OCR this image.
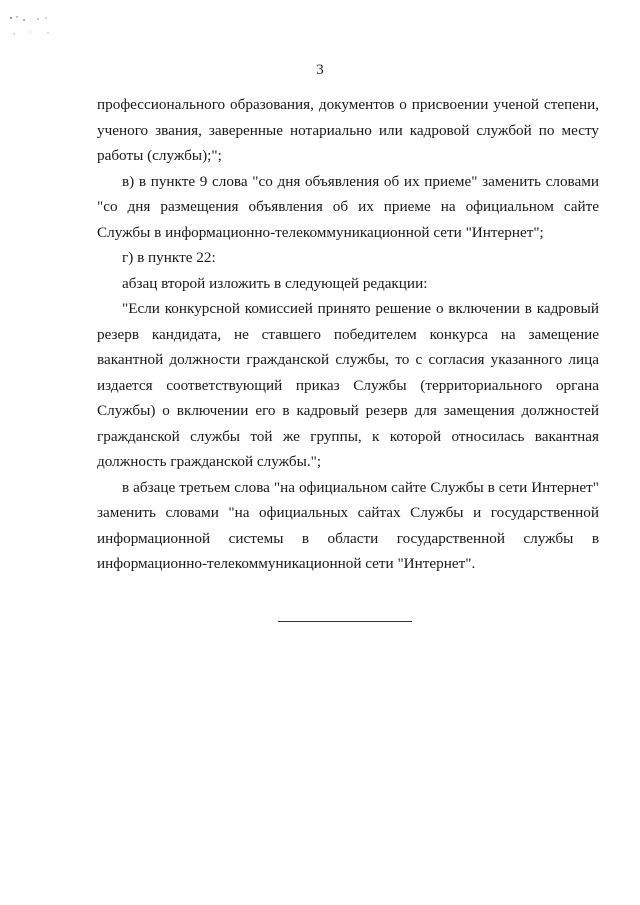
3

профессионального образования, документов о присвоении ученой степени, ученого звания, заверенные нотариально или кадровой службой по месту работы (службы);";

в) в пункте 9 слова "со дня объявления об их приеме" заменить словами "со дня размещения объявления об их приеме на официальном сайте Службы в информационно-телекоммуникационной сети "Интернет";

г) в пункте 22:

абзац второй изложить в следующей редакции:

"Если конкурсной комиссией принято решение о включении в кадровый резерв кандидата, не ставшего победителем конкурса на замещение вакантной должности гражданской службы, то с согласия указанного лица издается соответствующий приказ Службы (территориального органа Службы) о включении его в кадровый резерв для замещения должностей гражданской службы той же группы, к которой относилась вакантная должность гражданской службы.";

в абзаце третьем слова "на официальном сайте Службы в сети Интернет" заменить словами "на официальных сайтах Службы и государственной информационной системы в области государственной службы в информационно-телекоммуникационной сети "Интернет".
